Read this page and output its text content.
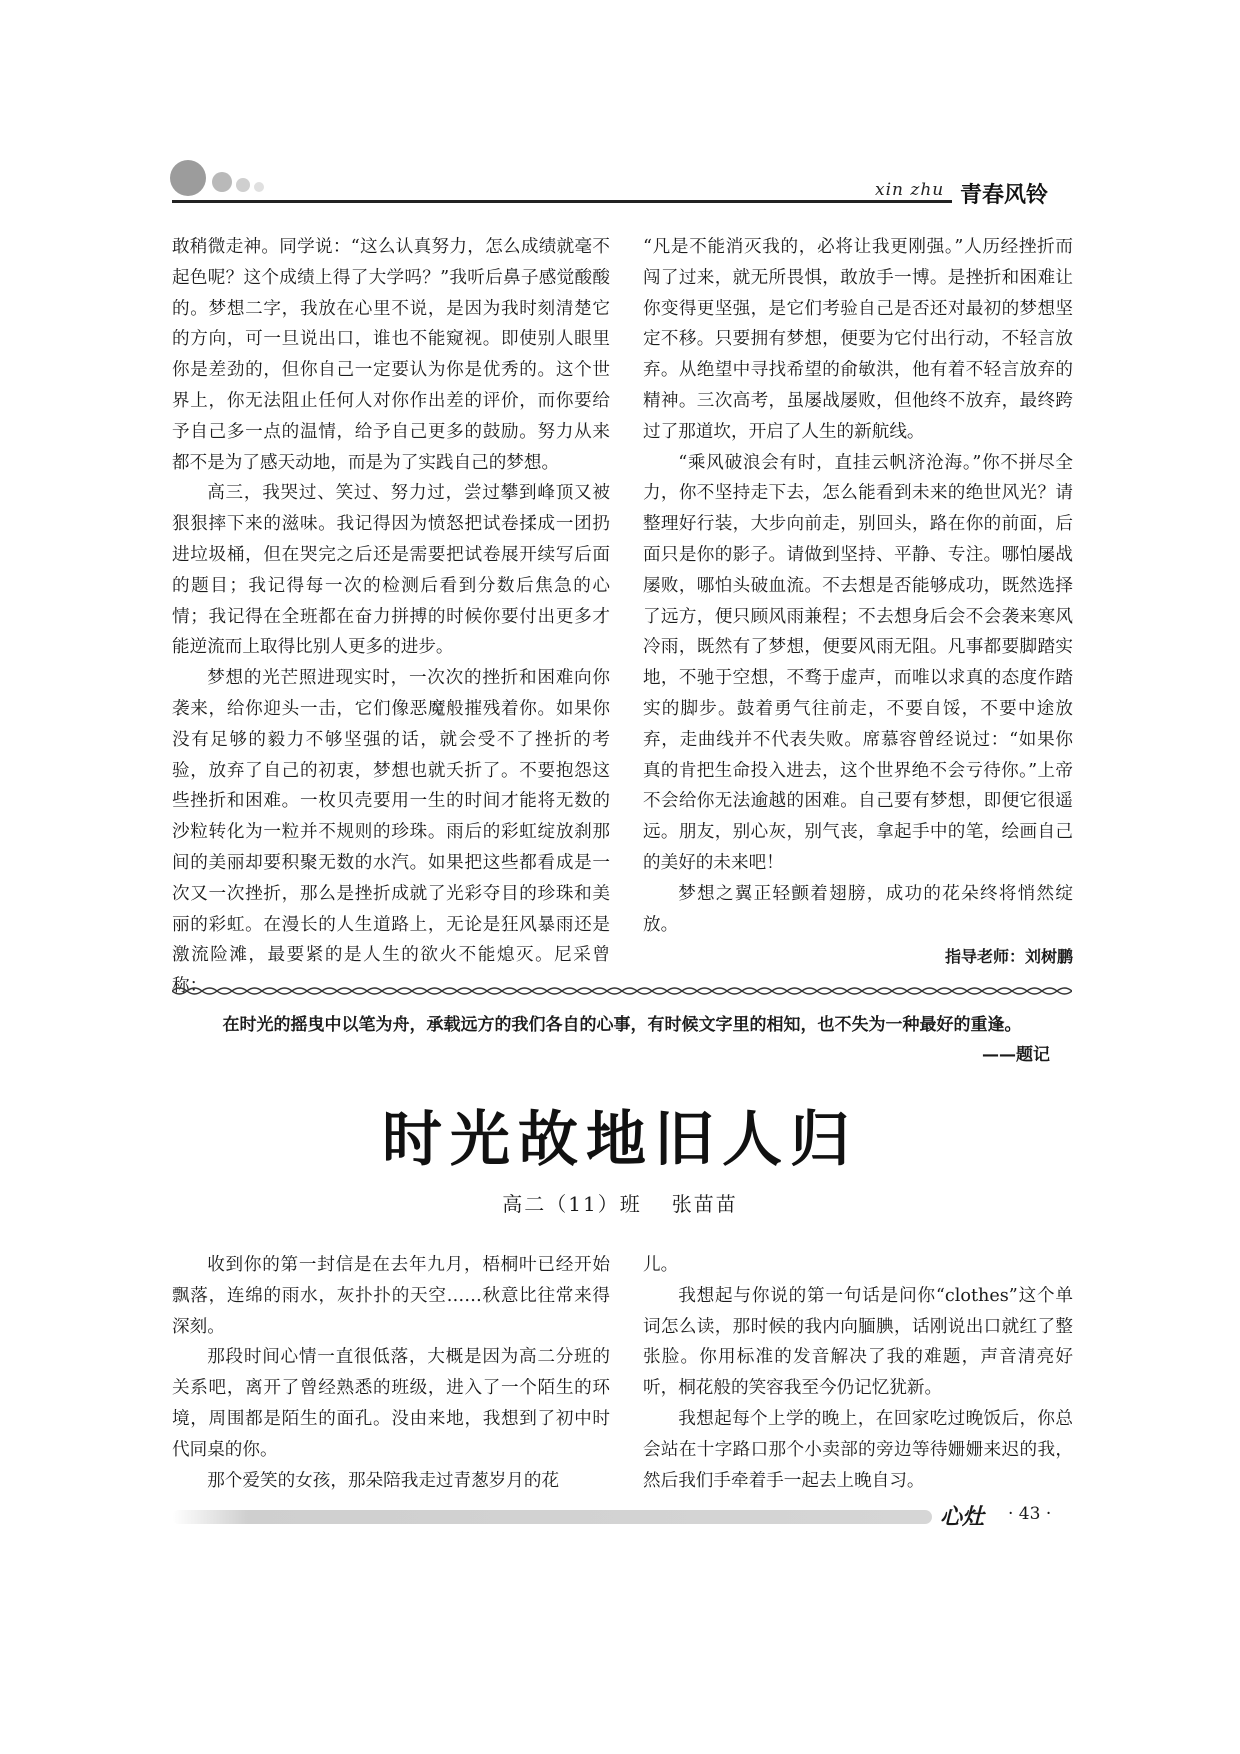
xin zhu 青春风铃

敢稍微走神。同学说：“这么认真努力，怎么成绩就毫不起色呢？这个成绩上得了大学吗？”我听后鼻子感觉酸酸的。梦想二字，我放在心里不说，是因为我时刻清楚它的方向，可一旦说出口，谁也不能窥视。即使别人眼里你是差劲的，但你自己一定要认为你是优秀的。这个世界上，你无法阻止任何人对你作出差的评价，而你要给予自己多一点的温情，给予自己更多的鼓励。努力从来都不是为了感天动地，而是为了实践自己的梦想。

高三，我哭过、笑过、努力过，尝过攀到峰顶又被狠狠摔下来的滋味。我记得因为愤怒把试卷揉成一团扔进垃圾桶，但在哭完之后还是需要把试卷展开续写后面的题目；我记得每一次的检测后看到分数后焦急的心情；我记得在全班都在奋力拼搏的时候你要付出更多才能逆流而上取得比别人更多的进步。

梦想的光芒照进现实时，一次次的挫折和困难向你袭来，给你迎头一击，它们像恶魔般摧残着你。如果你没有足够的毅力不够坚强的话，就会受不了挫折的考验，放弃了自己的初衷，梦想也就夭折了。不要抱怨这些挫折和困难。一枚贝壳要用一生的时间才能将无数的沙粒转化为一粒并不规则的珍珠。雨后的彩虹绽放刹那间的美丽却要积聚无数的水汽。如果把这些都看成是一次又一次挫折，那么是挫折成就了光彩夺目的珍珠和美丽的彩虹。在漫长的人生道路上，无论是狂风暴雨还是激流险滩，最要紧的是人生的欲火不能熄灭。尼采曾称：

“凡是不能消灭我的，必将让我更刚强。”人历经挫折而闯了过来，就无所畏惧，敢放手一博。是挫折和困难让你变得更坚强，是它们考验自己是否还对最初的梦想坚定不移。只要拥有梦想，便要为它付出行动，不轻言放弃。从绝望中寻找希望的俞敏洪，他有着不轻言放弃的精神。三次高考，虽屡战屡败，但他终不放弃，最终跨过了那道坎，开启了人生的新航线。

“乘风破浪会有时，直挂云帆济沧海。”你不拼尽全力，你不坚持走下去，怎么能看到未来的绝世风光？请整理好行装，大步向前走，别回头，路在你的前面，后面只是你的影子。请做到坚持、平静、专注。哪怕屡战屡败，哪怕头破血流。不去想是否能够成功，既然选择了远方，便只顾风雨兼程；不去想身后会不会袭来寒风冷雨，既然有了梦想，便要风雨无阻。凡事都要脚踏实地，不驰于空想，不骛于虚声，而唯以求真的态度作踏实的脚步。鼓着勇气往前走，不要自馁，不要中途放弃，走曲线并不代表失败。席慕容曾经说过：“如果你真的肯把生命投入进去，这个世界绝不会亏待你。”上帝不会给你无法逾越的困难。自己要有梦想，即便它很遥远。朋友，别心灰，别气丧，拿起手中的笔，绘画自己的美好的未来吧！

梦想之翼正轻颤着翅膀，成功的花朵终将悄然绽放。

指导老师：刘树鹏
在时光的摇曳中以笔为舟，承载远方的我们各自的心事，有时候文字里的相知，也不失为一种最好的重逢。
——题记
时光故地旧人归
高二（11）班 张苗苗

收到你的第一封信是在去年九月，梧桐叶已经开始飘落，连绵的雨水，灰扑扑的天空……秋意比往常来得深刻。

那段时间心情一直很低落，大概是因为高二分班的关系吧，离开了曾经熟悉的班级，进入了一个陌生的环境，周围都是陌生的面孔。没由来地，我想到了初中时代同桌的你。

那个爱笑的女孩，那朵陪我走过青葱岁月的花

儿。

我想起与你说的第一句话是问你“clothes”这个单词怎么读，那时候的我内向腼腆，话刚说出口就红了整张脸。你用标准的发音解决了我的难题，声音清亮好听，桐花般的笑容我至今仍记忆犹新。

我想起每个上学的晚上，在回家吃过晚饭后，你总会站在十字路口那个小卖部的旁边等待姗姗来迟的我，然后我们手牵着手一起去上晚自习。

心灶 · 43 ·
